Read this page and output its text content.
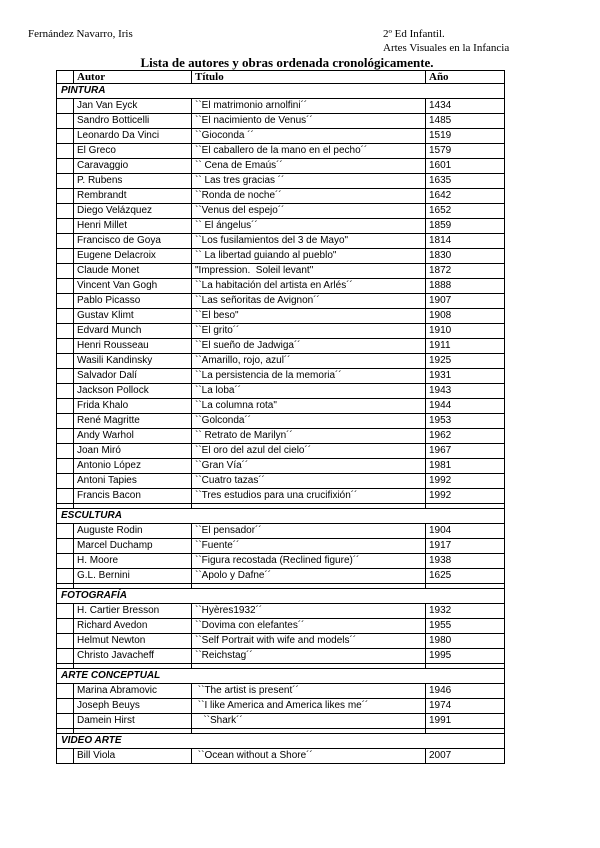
Fernández Navarro, Iris	2º Ed Infantil.
Artes Visuales en la Infancia
Lista de autores y obras ordenada cronológicamente.
	Autor	Título	Año
PINTURA			
	Jan Van Eyck	``El matrimonio arnolfini´´	1434
	Sandro Botticelli	``El nacimiento de Venus´´	1485
	Leonardo Da Vinci	``Gioconda ´´	1519
	El Greco	``El caballero de la mano en el pecho´´	1579
	Caravaggio	`` Cena de Emaús´´	1601
	P. Rubens	`` Las tres gracias ´´	1635
	Rembrandt	``Ronda de noche´´	1642
	Diego Velázquez	``Venus del espejo´´	1652
	Henri Millet	`` El ángelus´´	1859
	Francisco de Goya	``Los fusilamientos del 3 de Mayo"	1814
	Eugene Delacroix	`` La libertad guiando al pueblo"	1830
	Claude Monet	"Impression.  Soleil levant"	1872
	Vincent Van Gogh	``La habitación del artista en Arlés´´	1888
	Pablo Picasso	``Las señoritas de Avignon´´	1907
	Gustav Klimt	``El beso"	1908
	Edvard Munch	``El grito´´	1910
	Henri Rousseau	``El sueño de Jadwiga´´	1911
	Wasili Kandinsky	``Amarillo, rojo, azul´´	1925
	Salvador Dalí	``La persistencia de la memoria´´	1931
	Jackson Pollock	``La loba´´	1943
	Frida Khalo	``La columna rota"	1944
	René Magritte	``Golconda´´	1953
	Andy Warhol	`` Retrato de Marilyn´´	1962
	Joan Miró	``El oro del azul del cielo´´	1967
	Antonio López	``Gran Vía´´	1981
	Antoni Tapies	``Cuatro tazas´´	1992
	Francis Bacon	``Tres estudios para una crucifixión´´	1992

ESCULTURA			
	Auguste Rodin	``El pensador´´	1904
	Marcel Duchamp	``Fuente´´	1917
	H. Moore	``Figura recostada (Reclined figure)´´	1938
	G.L. Bernini	``Apolo y Dafne´´	1625

FOTOGRAFÍA			
	H. Cartier Bresson	``Hyères1932´´	1932
	Richard Avedon	``Dovima con elefantes´´	1955
	Helmut Newton	``Self Portrait with wife and models´´	1980
	Christo Javacheff	``Reichstag´´	1995

ARTE CONCEPTUAL			
	Marina Abramovic	``The artist is present´´	1946
	Joseph Beuys	``I like America and America likes me´´	1974
	Damein Hirst	``Shark´´	1991

VIDEO ARTE			
	Bill Viola	``Ocean without a Shore´´	2007
